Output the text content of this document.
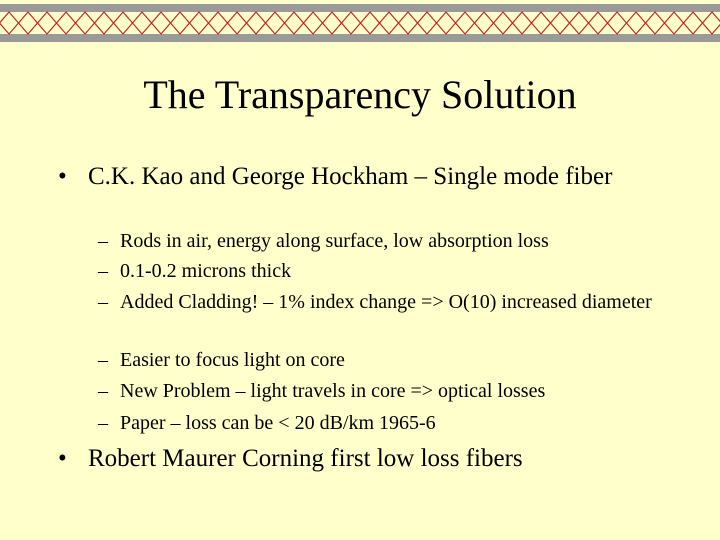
The Transparency Solution
• C.K. Kao and George Hockham – Single mode fiber
– Rods in air, energy along surface, low absorption loss
– 0.1-0.2 microns thick
– Added Cladding! – 1% index change => O(10) increased diameter
– Easier to focus light on core
– New Problem – light travels in core => optical losses
– Paper – loss can be < 20 dB/km 1965-6
• Robert Maurer Corning first low loss fibers
